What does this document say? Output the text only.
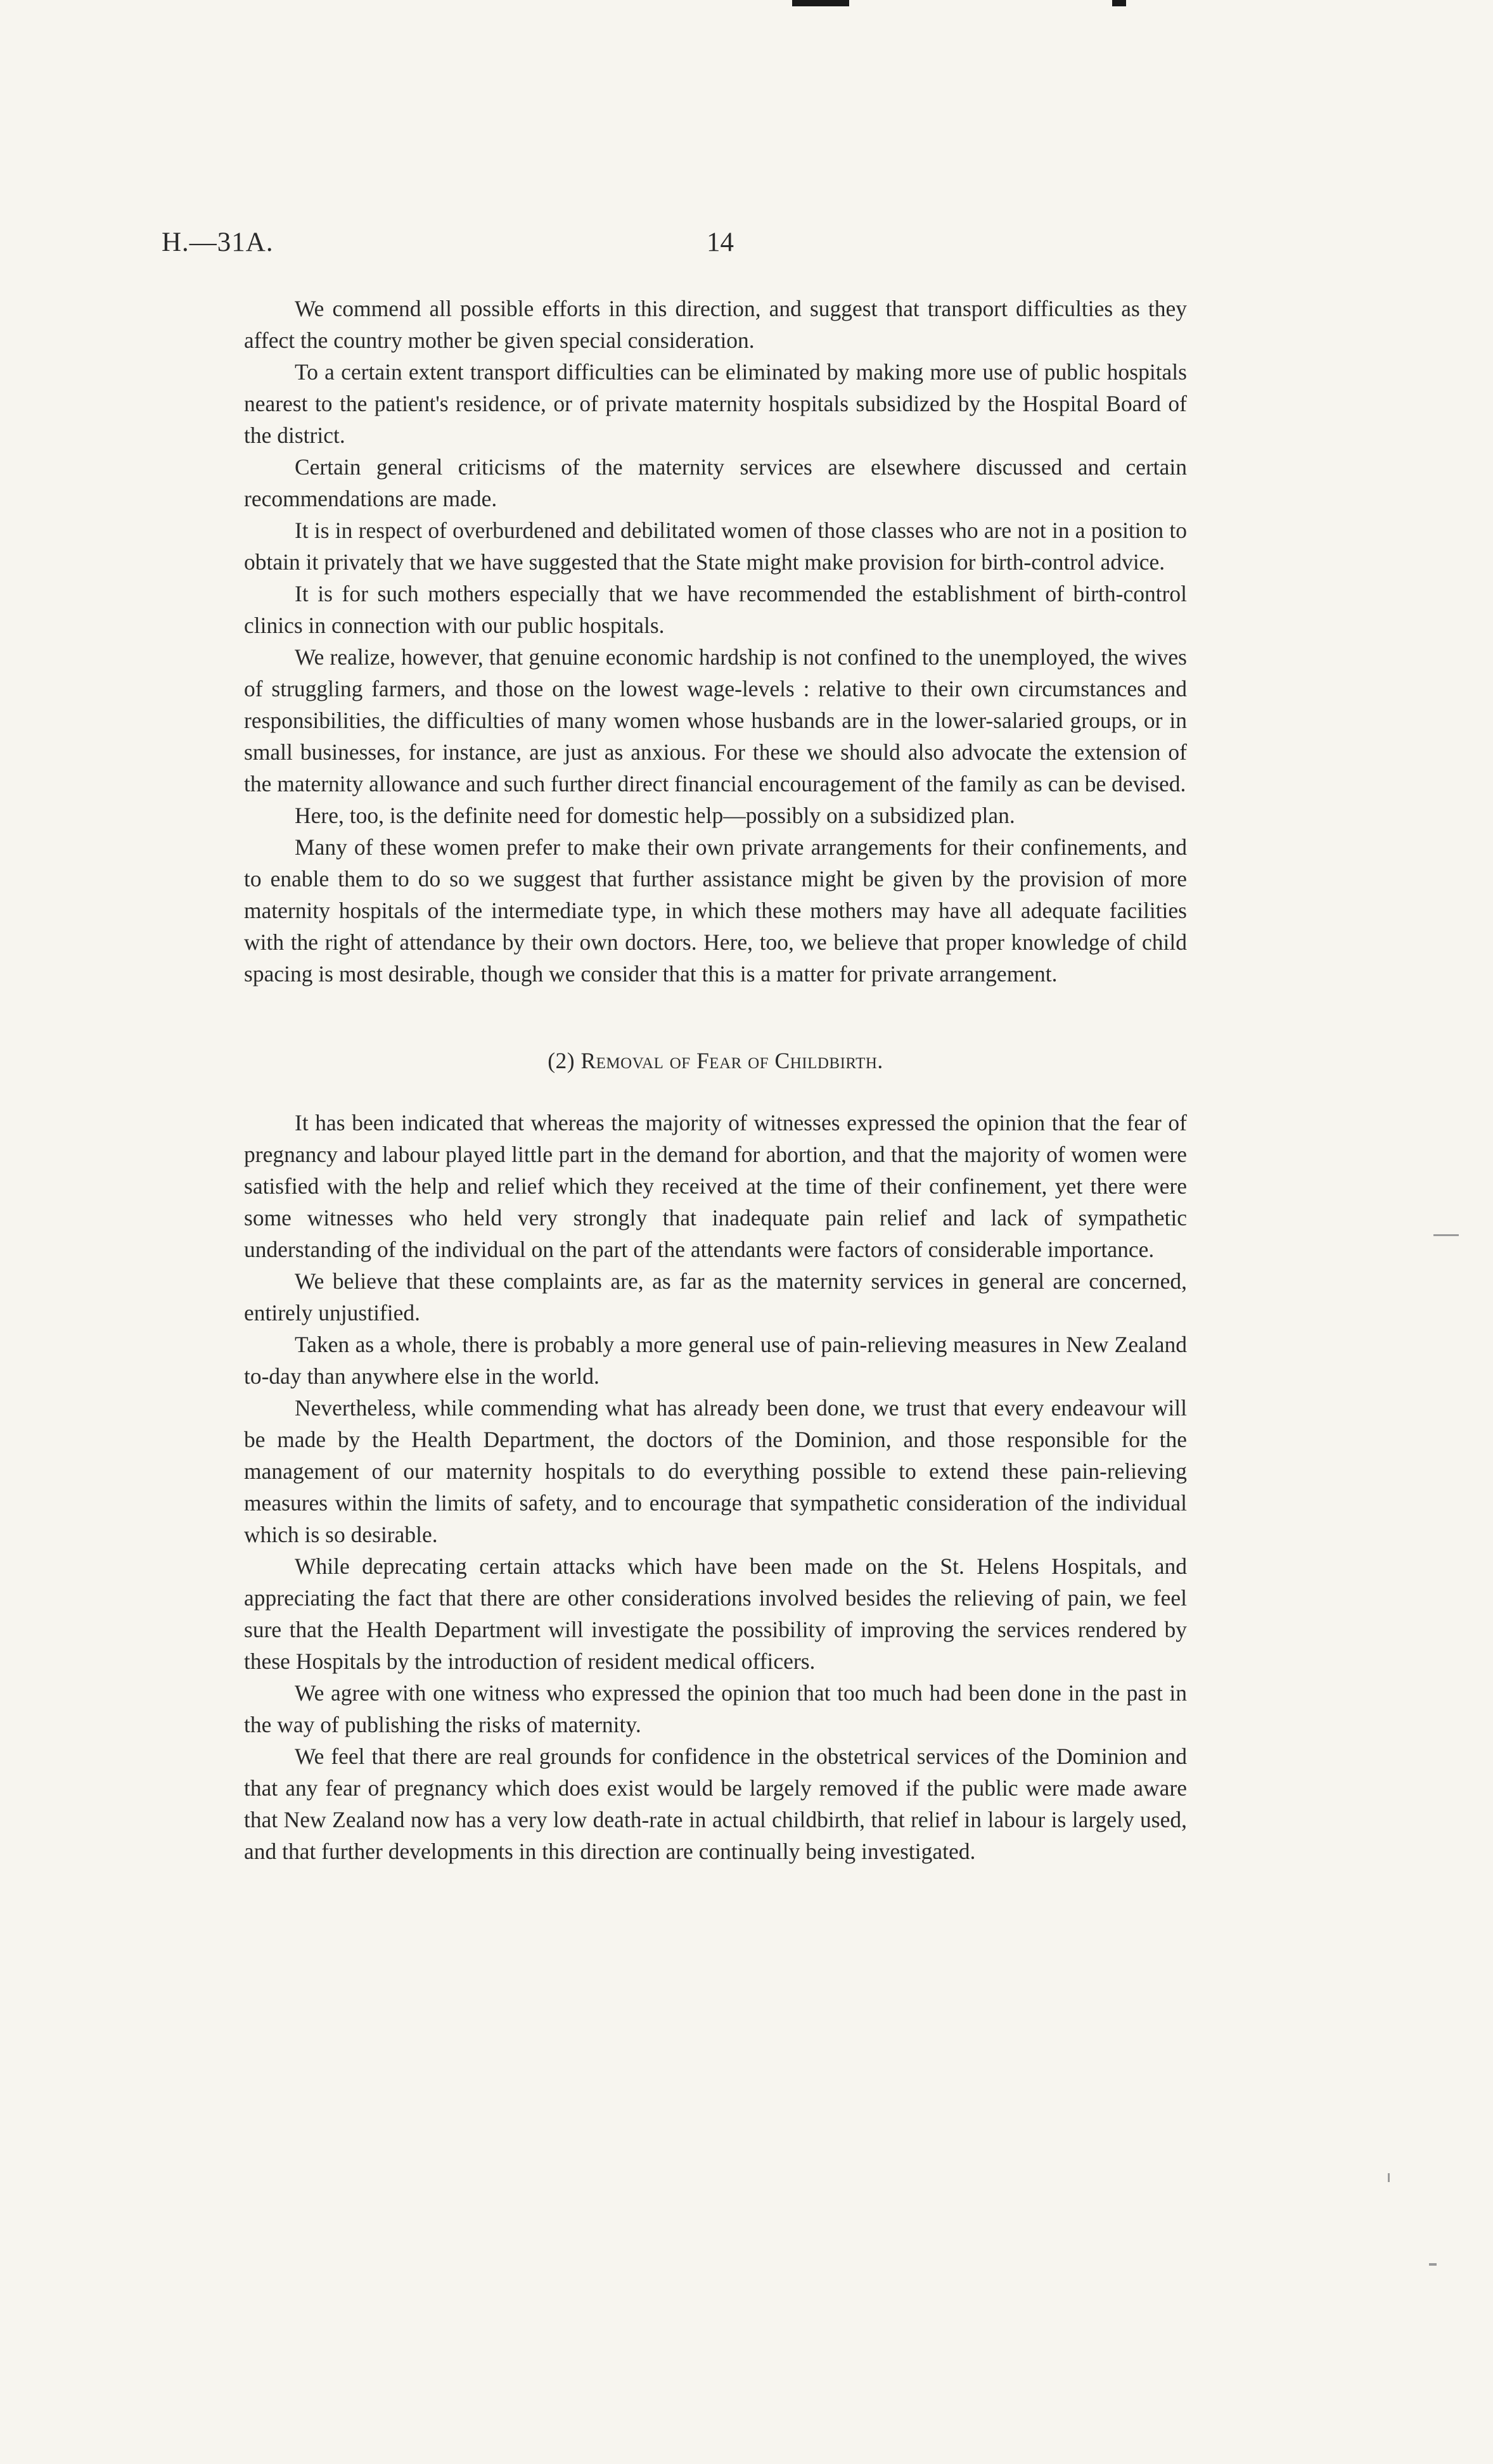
H.—31A.	14

We commend all possible efforts in this direction, and suggest that transport difficulties as they affect the country mother be given special consideration.

To a certain extent transport difficulties can be eliminated by making more use of public hospitals nearest to the patient's residence, or of private maternity hospitals subsidized by the Hospital Board of the district.

Certain general criticisms of the maternity services are elsewhere discussed and certain recommendations are made.

It is in respect of overburdened and debilitated women of those classes who are not in a position to obtain it privately that we have suggested that the State might make provision for birth-control advice.

It is for such mothers especially that we have recommended the establishment of birth-control clinics in connection with our public hospitals.

We realize, however, that genuine economic hardship is not confined to the unemployed, the wives of struggling farmers, and those on the lowest wage-levels : relative to their own circumstances and responsibilities, the difficulties of many women whose husbands are in the lower-salaried groups, or in small businesses, for instance, are just as anxious. For these we should also advocate the extension of the maternity allowance and such further direct financial encouragement of the family as can be devised.

Here, too, is the definite need for domestic help—possibly on a subsidized plan.

Many of these women prefer to make their own private arrangements for their confinements, and to enable them to do so we suggest that further assistance might be given by the provision of more maternity hospitals of the intermediate type, in which these mothers may have all adequate facilities with the right of attendance by their own doctors. Here, too, we believe that proper knowledge of child spacing is most desirable, though we consider that this is a matter for private arrangement.

(2) Removal of Fear of Childbirth.

It has been indicated that whereas the majority of witnesses expressed the opinion that the fear of pregnancy and labour played little part in the demand for abortion, and that the majority of women were satisfied with the help and relief which they received at the time of their confinement, yet there were some witnesses who held very strongly that inadequate pain relief and lack of sympathetic understanding of the individual on the part of the attendants were factors of considerable importance.

We believe that these complaints are, as far as the maternity services in general are concerned, entirely unjustified.

Taken as a whole, there is probably a more general use of pain-relieving measures in New Zealand to-day than anywhere else in the world.

Nevertheless, while commending what has already been done, we trust that every endeavour will be made by the Health Department, the doctors of the Dominion, and those responsible for the management of our maternity hospitals to do everything possible to extend these pain-relieving measures within the limits of safety, and to encourage that sympathetic consideration of the individual which is so desirable.

While deprecating certain attacks which have been made on the St. Helens Hospitals, and appreciating the fact that there are other considerations involved besides the relieving of pain, we feel sure that the Health Department will investigate the possibility of improving the services rendered by these Hospitals by the introduction of resident medical officers.

We agree with one witness who expressed the opinion that too much had been done in the past in the way of publishing the risks of maternity.

We feel that there are real grounds for confidence in the obstetrical services of the Dominion and that any fear of pregnancy which does exist would be largely removed if the public were made aware that New Zealand now has a very low death-rate in actual childbirth, that relief in labour is largely used, and that further developments in this direction are continually being investigated.
